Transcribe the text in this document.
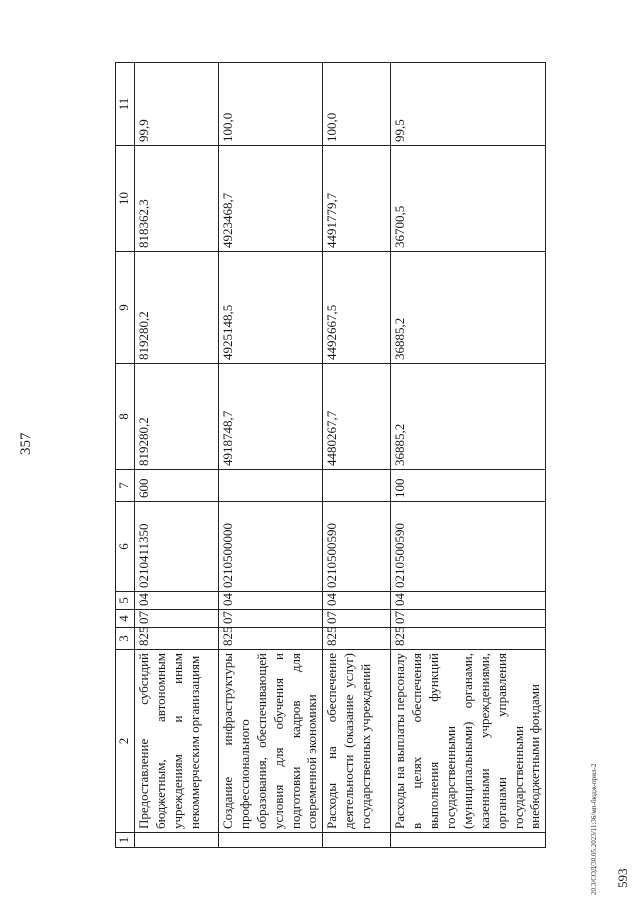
357
1	2	3	4	5	6	7	8	9	10	11
	Предоставление субсидий бюджетным, автономным учреждениям и иным некоммерческим организациям	825	07	04	0210411350	600	819280,2	819280,2	818362,3	99,9
	Создание инфраструктуры профессионального образования, обеспечивающей условия для обучения и подготовки кадров для современной экономики	825	07	04	0210500000		4918748,7	4925148,5	4923468,7	100,0
	Расходы на обеспечение деятельности (оказание услуг) государственных учреждений	825	07	04	0210500590		4480267,7	4492667,5	4491779,7	100,0
	Расходы на выплаты персоналу в целях обеспечения выполнения функций государственными (муниципальными) органами, казенными учреждениями, органами управления государственными внебюджетными фондами	825	07	04	0210500590	100	36885,2	36885,2	36700,5	99,5
593
20.3/СОД/30.05.2023/11:36/мп-бюдж-прил-2
